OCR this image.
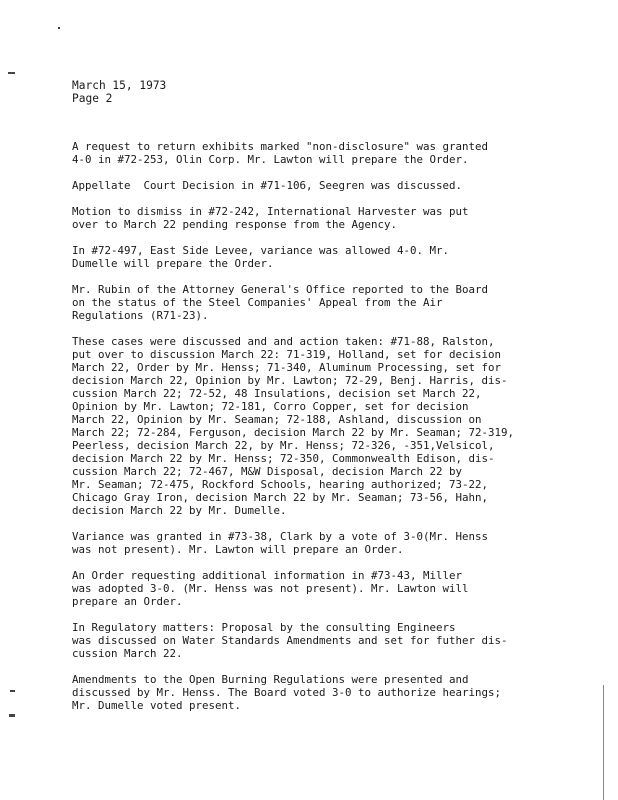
March 15, 1973
Page 2
A request to return exhibits marked "non-disclosure" was granted
4-0 in #72-253, Olin Corp. Mr. Lawton will prepare the Order.
Appellate  Court Decision in #71-106, Seegren was discussed.
Motion to dismiss in #72-242, International Harvester was put
over to March 22 pending response from the Agency.
In #72-497, East Side Levee, variance was allowed 4-0. Mr.
Dumelle will prepare the Order.
Mr. Rubin of the Attorney General's Office reported to the Board
on the status of the Steel Companies' Appeal from the Air
Regulations (R71-23).
These cases were discussed and and action taken: #71-88, Ralston,
put over to discussion March 22: 71-319, Holland, set for decision
March 22, Order by Mr. Henss; 71-340, Aluminum Processing, set for
decision March 22, Opinion by Mr. Lawton; 72-29, Benj. Harris, dis-
cussion March 22; 72-52, 48 Insulations, decision set March 22,
Opinion by Mr. Lawton; 72-181, Corro Copper, set for decision
March 22, Opinion by Mr. Seaman; 72-188, Ashland, discussion on
March 22; 72-284, Ferguson, decision March 22 by Mr. Seaman; 72-319,
Peerless, decision March 22, by Mr. Henss; 72-326, -351,Velsicol,
decision March 22 by Mr. Henss; 72-350, Commonwealth Edison, dis-
cussion March 22; 72-467, M&W Disposal, decision March 22 by
Mr. Seaman; 72-475, Rockford Schools, hearing authorized; 73-22,
Chicago Gray Iron, decision March 22 by Mr. Seaman; 73-56, Hahn,
decision March 22 by Mr. Dumelle.
Variance was granted in #73-38, Clark by a vote of 3-0(Mr. Henss
was not present). Mr. Lawton will prepare an Order.
An Order requesting additional information in #73-43, Miller
was adopted 3-0. (Mr. Henss was not present). Mr. Lawton will
prepare an Order.
In Regulatory matters: Proposal by the consulting Engineers
was discussed on Water Standards Amendments and set for futher dis-
cussion March 22.
Amendments to the Open Burning Regulations were presented and
discussed by Mr. Henss. The Board voted 3-0 to authorize hearings;
Mr. Dumelle voted present.
